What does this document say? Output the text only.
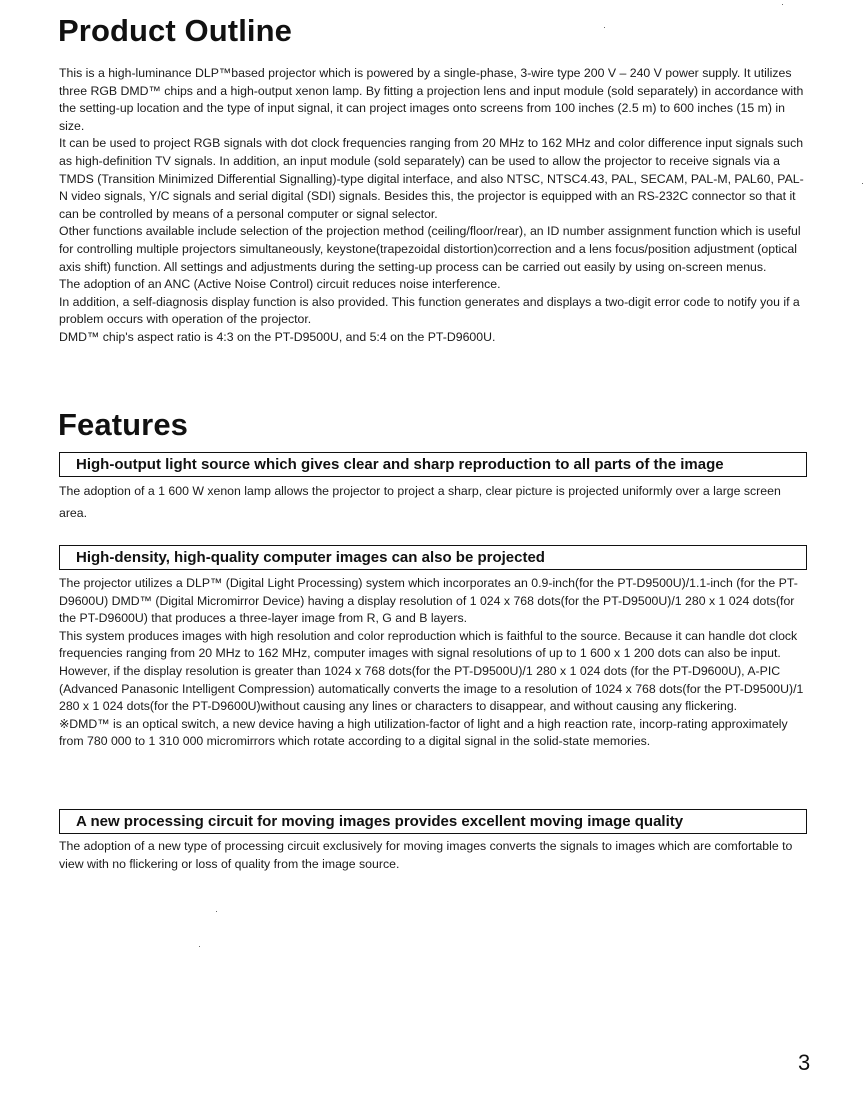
Product Outline

This is a high-luminance DLP™based projector which is powered by a single-phase, 3-wire type 200 V – 240 V power supply. It utilizes three RGB DMD™ chips and a high-output xenon lamp. By fitting a projection lens and input module (sold separately) in accordance with the setting-up location and the type of input signal, it can project images onto screens from 100 inches (2.5 m) to 600 inches (15 m) in size.

It can be used to project RGB signals with dot clock frequencies ranging from 20 MHz to 162 MHz and color difference input signals such as high-definition TV signals. In addition, an input module (sold separately) can be used to allow the projector to receive signals via a TMDS (Transition Minimized Differential Signalling)-type digital interface, and also NTSC, NTSC4.43, PAL, SECAM, PAL-M, PAL60, PAL-N video signals, Y/C signals and serial digital (SDI) signals. Besides this, the projector is equipped with an RS-232C connector so that it can be controlled by means of a personal computer or signal selector.

Other functions available include selection of the projection method (ceiling/floor/rear), an ID number assignment function which is useful for controlling multiple projectors simultaneously, keystone(trapezoidal distortion)correction and a lens focus/position adjustment (optical axis shift) function. All settings and adjustments during the setting-up process can be carried out easily by using on-screen menus.

The adoption of an ANC (Active Noise Control) circuit reduces noise interference.

In addition, a self-diagnosis display function is also provided. This function generates and displays a two-digit error code to notify you if a problem occurs with operation of the projector.

DMD™ chip's aspect ratio is 4:3 on the PT-D9500U, and 5:4 on the PT-D9600U.

Features
High-output light source which gives clear and sharp reproduction to all parts of the image

The adoption of a 1 600 W xenon lamp allows the projector to project a sharp, clear picture is projected uniformly over a large screen area.

High-density, high-quality computer images can also be projected

The projector utilizes a DLP™ (Digital Light Processing) system which incorporates an 0.9-inch(for the PT-D9500U)/1.1-inch (for the PT-D9600U) DMD™ (Digital Micromirror Device) having a display resolution of 1 024 x 768 dots(for the PT-D9500U)/1 280 x 1 024 dots(for the PT-D9600U) that produces a three-layer image from R, G and B layers.

This system produces images with high resolution and color reproduction which is faithful to the source. Because it can handle dot clock frequencies ranging from 20 MHz to 162 MHz, computer images with signal resolutions of up to 1 600 x 1 200 dots can also be input. However, if the display resolution is greater than 1024 x 768 dots(for the PT-D9500U)/1 280 x 1 024 dots (for the PT-D9600U), A-PIC (Advanced Panasonic Intelligent Compression) automatically converts the image to a resolution of 1024 x 768 dots(for the PT-D9500U)/1 280 x 1 024 dots(for the PT-D9600U)without causing any lines or characters to disappear, and without causing any flickering.

※DMD™ is an optical switch, a new device having a high utilization-factor of light and a high reaction rate, incorp-rating approximately from 780 000 to 1 310 000 micromirrors which rotate according to a digital signal in the solid-state memories.

A new processing circuit for moving images provides excellent moving image quality

The adoption of a new type of processing circuit exclusively for moving images converts the signals to images which are comfortable to view with no flickering or loss of quality from the image source.

3
